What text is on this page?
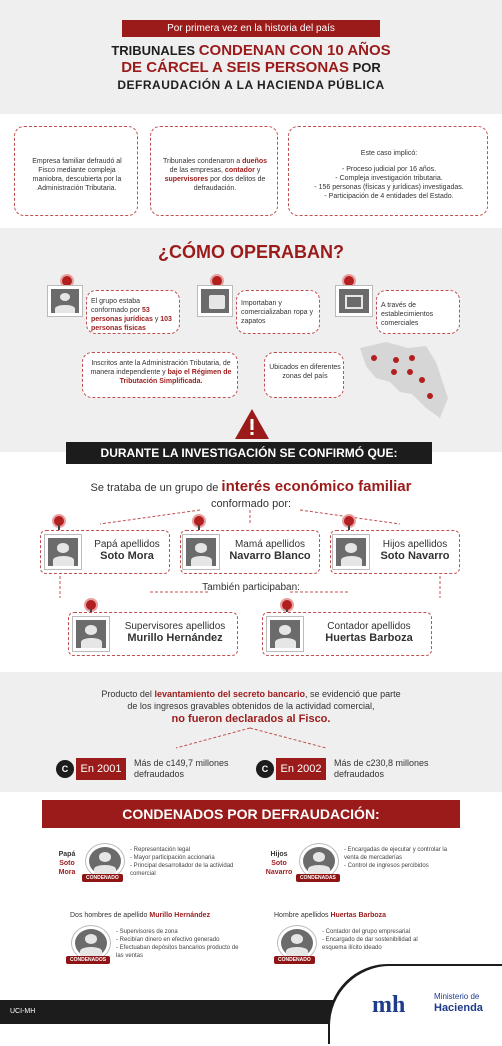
Por primera vez en la historia del país
TRIBUNALES CONDENAN CON 10 AÑOS
DE CÁRCEL A SEIS PERSONAS POR
DEFRAUDACIÓN A LA HACIENDA PÚBLICA
Empresa familiar defraudó al Fisco mediante compleja maniobra, descubierta por la Administración Tributaria.
Tribunales condenaron a dueños de las empresas, contador y supervisores por dos delitos de defraudación.
Este caso implicó:
- Proceso judicial por 16 años.
- Compleja investigación tributaria.
- 156 personas (físicas y jurídicas) investigadas.
- Participación de 4 entidades del Estado.
¿CÓMO OPERABAN?
El grupo estaba conformado por 53 personas jurídicas y 103 personas físicas
Importaban y comercializaban ropa y zapatos
A través de establecimientos comerciales
Inscritos ante la Administración Tributaria, de manera independiente y bajo el Régimen de Tributación Simplificada.
Ubicados en diferentes zonas del país
DURANTE LA INVESTIGACIÓN SE CONFIRMÓ QUE:
Se trataba de un grupo de interés económico familiar
conformado por:
Papá apellidos
Soto Mora
Mamá apellidos
Navarro Blanco
Hijos apellidos
Soto Navarro
También participaban:
Supervisores apellidos
Murillo Hernández
Contador apellidos
Huertas Barboza
Producto del levantamiento del secreto bancario, se evidenció que parte
de los ingresos gravables obtenidos de la actividad comercial,
no fueron declarados al Fisco.
C	En 2001	Más de c149,7 millones defraudados	C	En 2002	Más de c230,8 millones defraudados
CONDENADOS POR DEFRAUDACIÓN:
Papá
Soto Mora
CONDENADO
- Representación legal
- Mayor participación accionaria
- Principal desarrollador de la actividad comercial
Hijos
Soto Navarro
CONDENADAS
- Encargadas de ejecutar y controlar la venta de mercaderías
- Control de ingresos percibidos
Dos hombres de apellido Murillo Hernández
CONDENADOS
- Supervisores de zona
- Recibían dinero en efectivo generado
- Efectuaban depósitos bancarios producto de las ventas
Hombre apellidos Huertas Barboza
CONDENADO
- Contador del grupo empresarial
- Encargado de dar sostenibilidad al esquema ilícito ideado
UCI-MH	mh	Ministerio de
Hacienda
